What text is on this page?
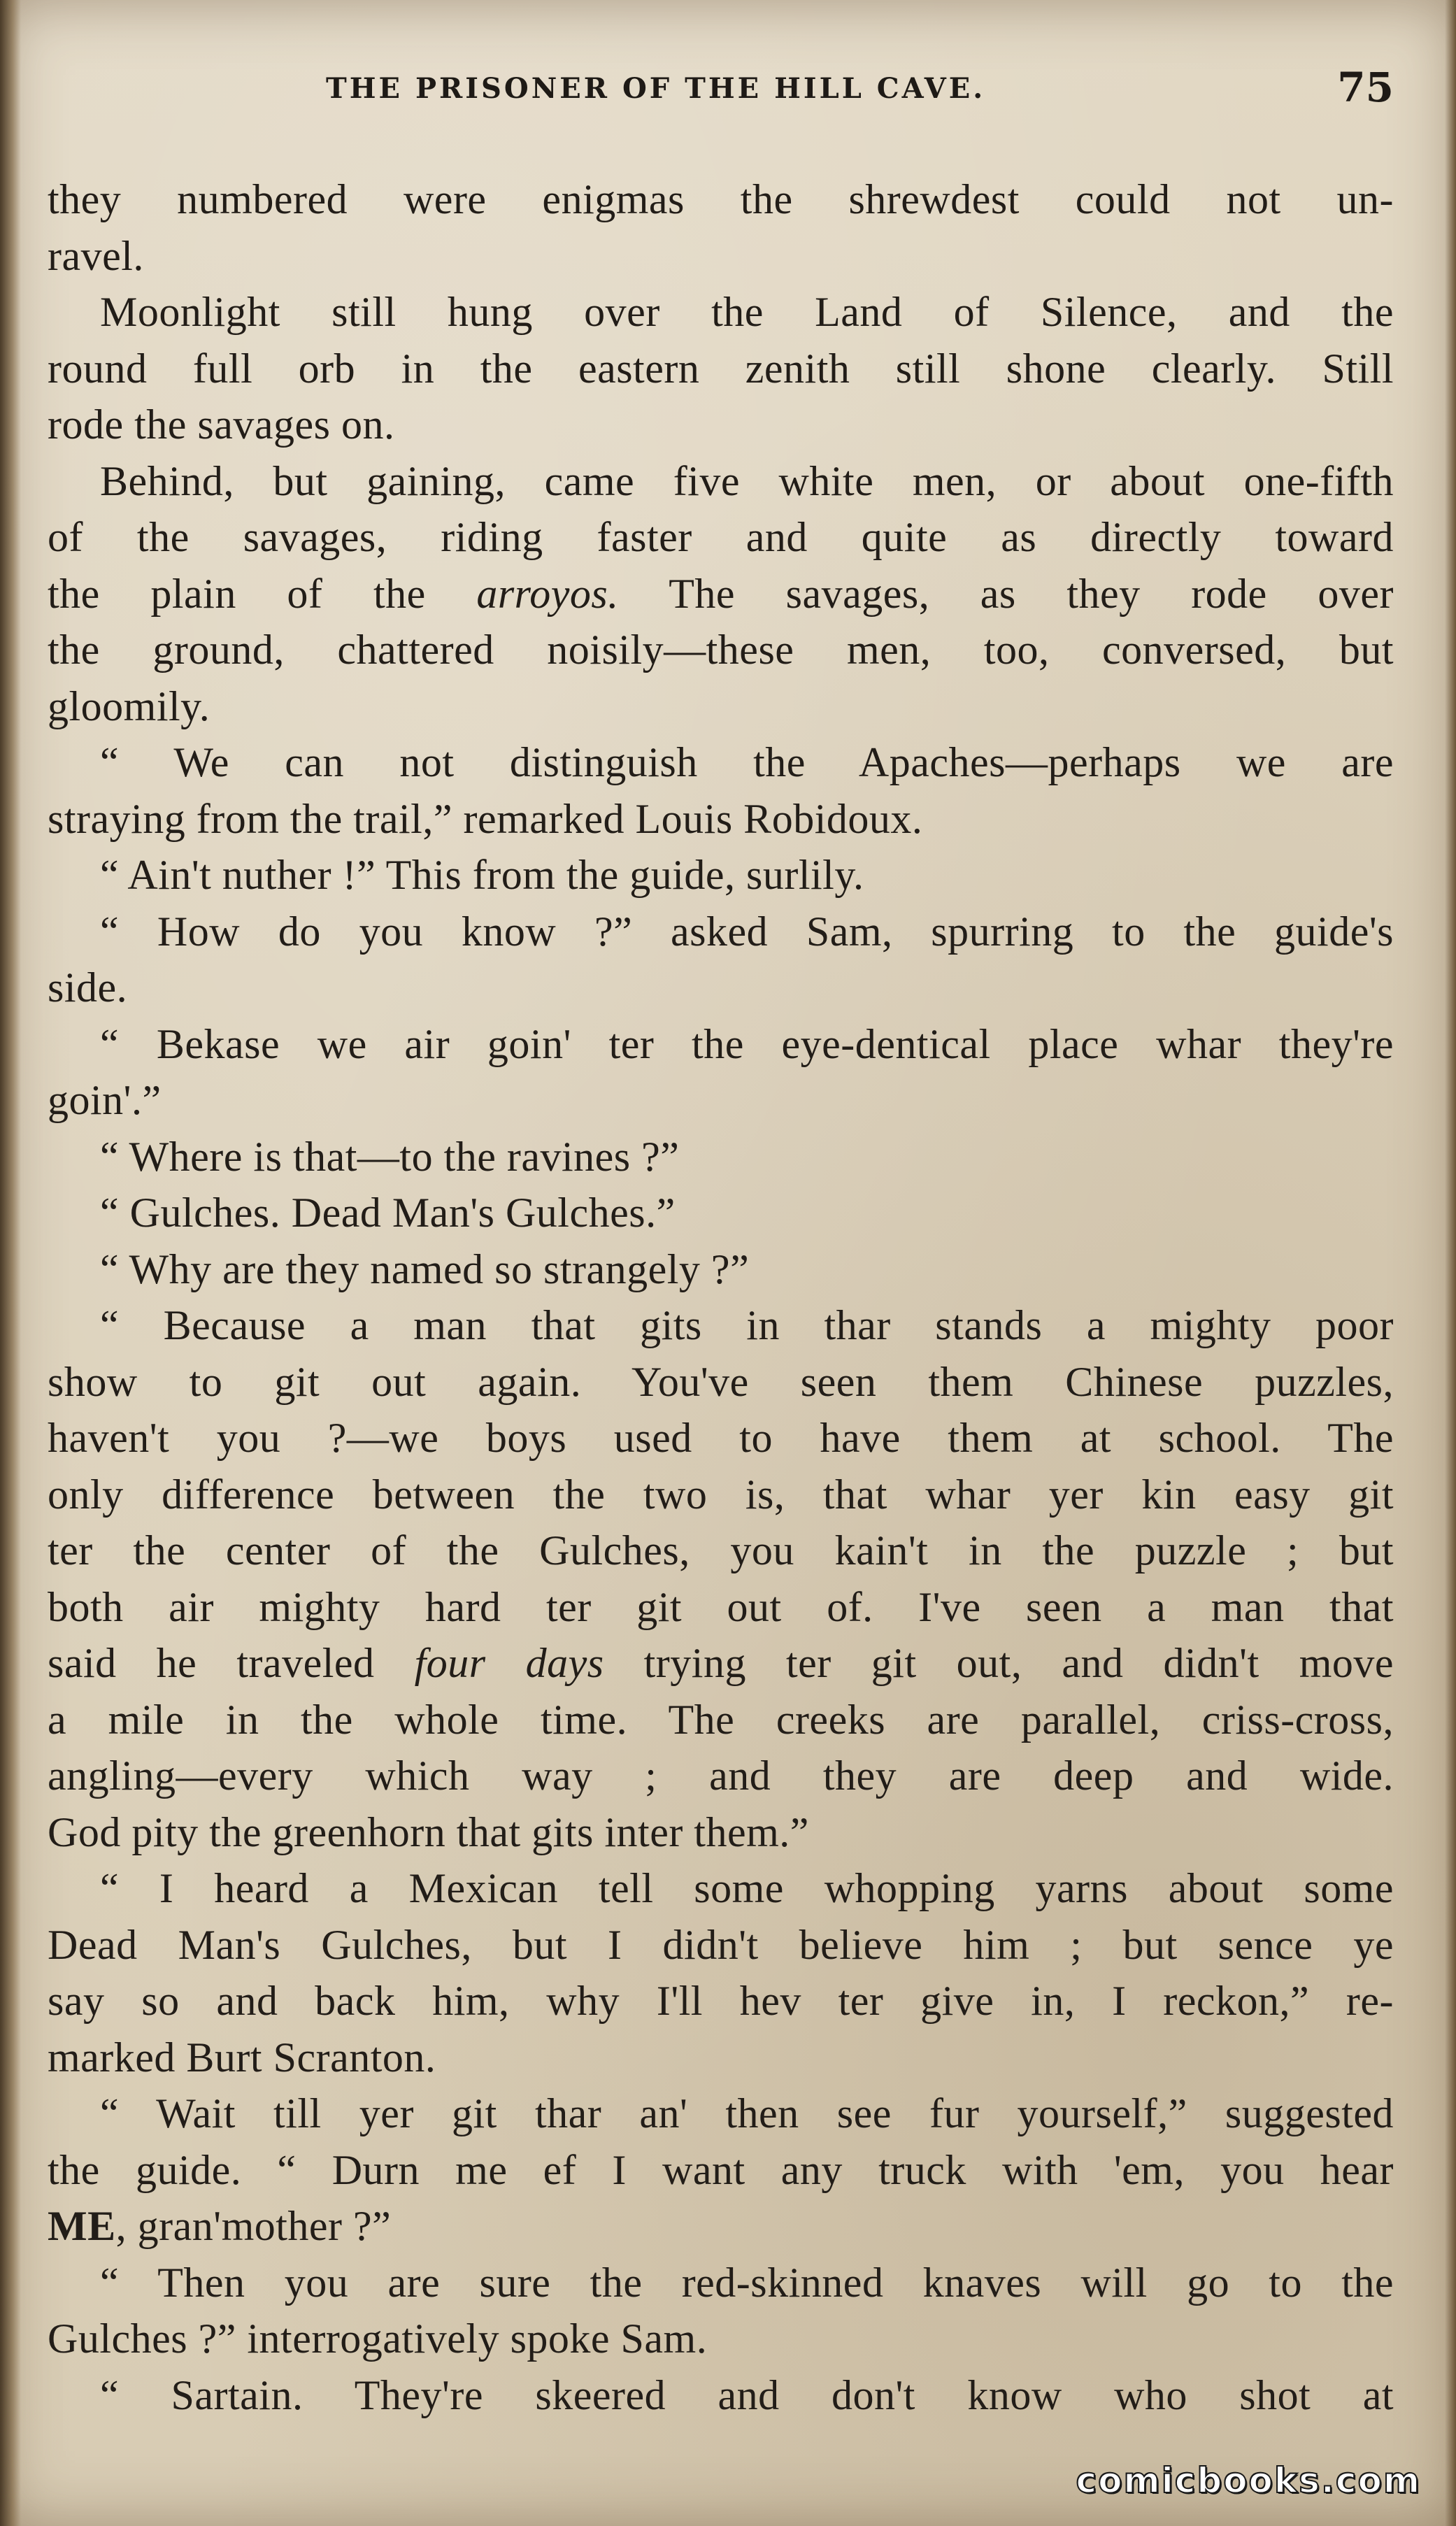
THE PRISONER OF THE HILL CAVE.	75
they numbered were enigmas the shrewdest could not un-
ravel.
Moonlight still hung over the Land of Silence, and the
round full orb in the eastern zenith still shone clearly. Still
rode the savages on.
Behind, but gaining, came five white men, or about one-fifth
of the savages, riding faster and quite as directly toward
the plain of the arroyos. The savages, as they rode over
the ground, chattered noisily—these men, too, conversed, but
gloomily.
“ We can not distinguish the Apaches—perhaps we are
straying from the trail,” remarked Louis Robidoux.
“ Ain't nuther !” This from the guide, surlily.
“ How do you know ?” asked Sam, spurring to the guide's
side.
“ Bekase we air goin' ter the eye-dentical place whar they're
goin'.”
“ Where is that—to the ravines ?”
“ Gulches. Dead Man's Gulches.”
“ Why are they named so strangely ?”
“ Because a man that gits in thar stands a mighty poor
show to git out again. You've seen them Chinese puzzles,
haven't you ?—we boys used to have them at school. The
only difference between the two is, that whar yer kin easy git
ter the center of the Gulches, you kain't in the puzzle ; but
both air mighty hard ter git out of. I've seen a man that
said he traveled four days trying ter git out, and didn't move
a mile in the whole time. The creeks are parallel, criss-cross,
angling—every which way ; and they are deep and wide.
God pity the greenhorn that gits inter them.”
“ I heard a Mexican tell some whopping yarns about some
Dead Man's Gulches, but I didn't believe him ; but sence ye
say so and back him, why I'll hev ter give in, I reckon,” re-
marked Burt Scranton.
“ Wait till yer git thar an' then see fur yourself,” suggested
the guide. “ Durn me ef I want any truck with 'em, you hear
ME, gran'mother ?”
“ Then you are sure the red-skinned knaves will go to the
Gulches ?” interrogatively spoke Sam.
“ Sartain. They're skeered and don't know who shot at
comicbooks.com
